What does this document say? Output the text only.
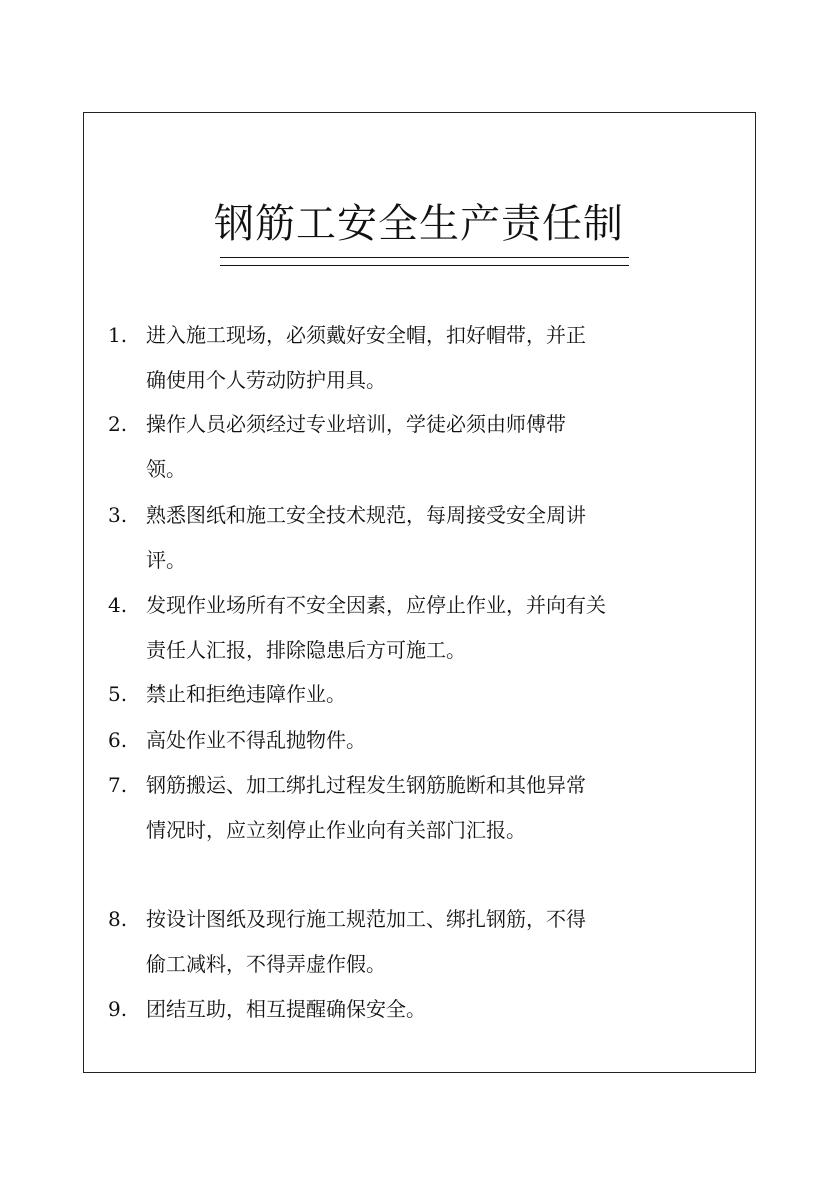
钢筋工安全生产责任制
1. 进入施工现场，必须戴好安全帽，扣好帽带，并正确使用个人劳动防护用具。
2. 操作人员必须经过专业培训，学徒必须由师傅带领。
3. 熟悉图纸和施工安全技术规范，每周接受安全周讲评。
4. 发现作业场所有不安全因素，应停止作业，并向有关责任人汇报，排除隐患后方可施工。
5. 禁止和拒绝违障作业。
6. 高处作业不得乱抛物件。
7. 钢筋搬运、加工绑扎过程发生钢筋脆断和其他异常情况时，应立刻停止作业向有关部门汇报。
8. 按设计图纸及现行施工规范加工、绑扎钢筋，不得偷工减料，不得弄虚作假。
9. 团结互助，相互提醒确保安全。
